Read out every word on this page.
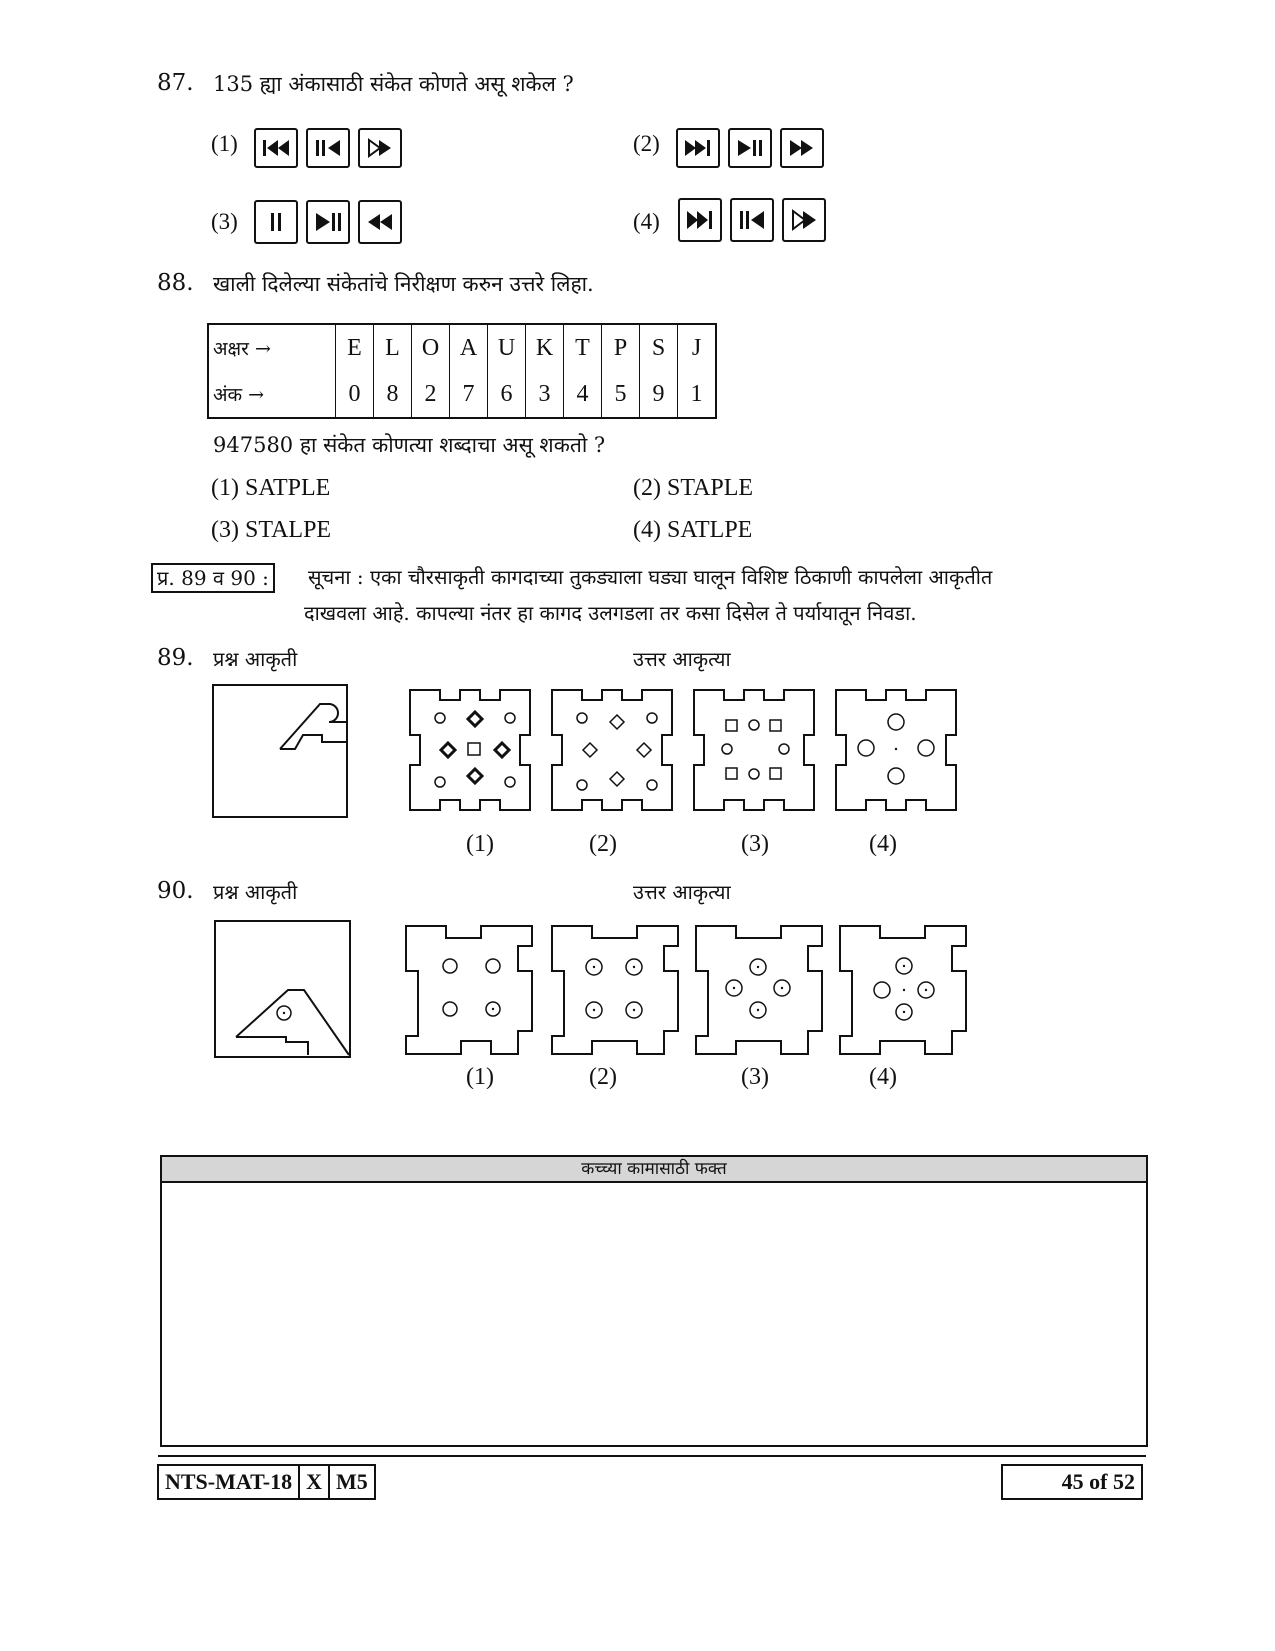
87. 135 ह्या अंकासाठी संकेत कोणते असू शकेल ?
(1)	(2)
(3)	(4)
88. खाली दिलेल्या संकेतांचे निरीक्षण करुन उत्तरे लिहा.
अक्षर →	E	L	O	A	U	K	T	P	S	J
अंक →	0	8	2	7	6	3	4	5	9	1
947580 हा संकेत कोणत्या शब्दाचा असू शकतो ?
(1) SATPLE	(2) STAPLE
(3) STALPE	(4) SATLPE
प्र. 89 व 90 :	सूचना : एका चौरसाकृती कागदाच्या तुकड्याला घड्या घालून विशिष्ट ठिकाणी कापलेला आकृतीत
दाखवला आहे. कापल्या नंतर हा कागद उलगडला तर कसा दिसेल ते पर्यायातून निवडा.
89. प्रश्न आकृती	उत्तर आकृत्या
(1)	(2)	(3)	(4)
90. प्रश्न आकृती	उत्तर आकृत्या
(1)	(2)	(3)	(4)
कच्च्या कामासाठी फक्त
NTS-MAT-18 X M5	45 of 52
